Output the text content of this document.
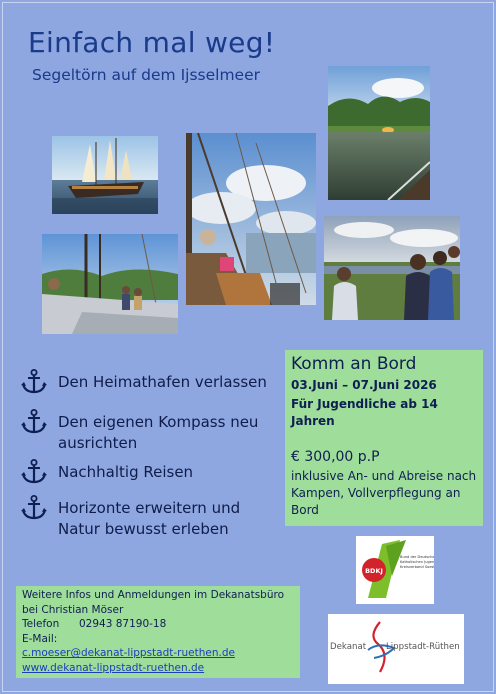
Einfach mal weg!
Segeltörn auf dem Ijsselmeer
Den Heimathafen verlassen
Den eigenen Kompass neu ausrichten
Nachhaltig Reisen
Horizonte erweitern und Natur bewusst erleben
Komm an Bord
03.Juni – 07.Juni 2026
Für Jugendliche ab 14 Jahren
€ 300,00 p.P
inklusive An- und Abreise nach Kampen, Vollverpflegung an Bord
Weitere Infos und Anmeldungen im Dekanatsbüro
bei Christian Möser
Telefon 02943 87190-18
E-Mail:
c.moeser@dekanat-lippstadt-ruethen.de
www.dekanat-lippstadt-ruethen.de
BDKJ
Bund der Deutschen
Katholischen Jugend
Kreisverband Soest
Dekanat Lippstadt-Rüthen
